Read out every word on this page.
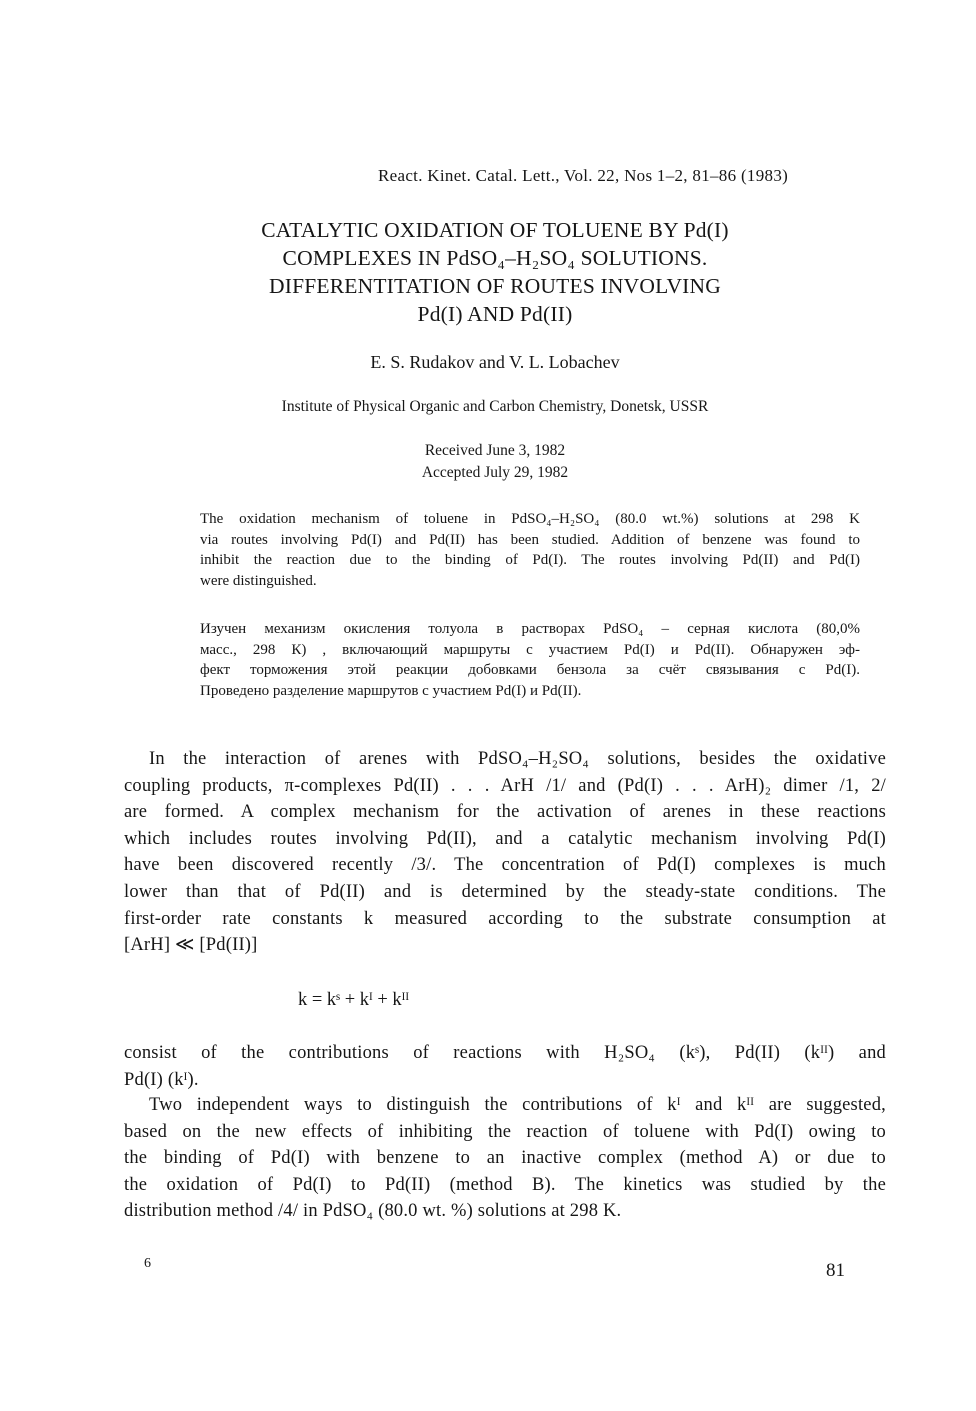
React. Kinet. Catal. Lett., Vol. 22, Nos 1–2, 81–86 (1983)
CATALYTIC OXIDATION OF TOLUENE BY Pd(I)
COMPLEXES IN PdSO₄–H₂SO₄ SOLUTIONS.
DIFFERENTITATION OF ROUTES INVOLVING
Pd(I) AND Pd(II)
E. S. Rudakov and V. L. Lobachev
Institute of Physical Organic and Carbon Chemistry, Donetsk, USSR
Received June 3, 1982
Accepted July 29, 1982
The oxidation mechanism of toluene in PdSO₄–H₂SO₄ (80.0 wt.%) solutions at 298 K
via routes involving Pd(I) and Pd(II) has been studied. Addition of benzene was found to
inhibit the reaction due to the binding of Pd(I). The routes involving Pd(II) and Pd(I)
were distinguished.
Изучен механизм окисления толуола в растворах PdSO₄ – серная кислота (80,0%
масс., 298 К) , включающий маршруты с участием Pd(I) и Pd(II). Обнаружен эф-
фект торможения этой реакции добовками бензола за счёт связывания с Pd(I).
Проведено разделение маршрутов с участием Pd(I) и Pd(II).
In the interaction of arenes with PdSO₄–H₂SO₄ solutions, besides the oxidative
coupling products, π-complexes Pd(II) . . . ArH /1/ and (Pd(I) . . . ArH)₂ dimer /1, 2/
are formed. A complex mechanism for the activation of arenes in these reactions
which includes routes involving Pd(II), and a catalytic mechanism involving Pd(I)
have been discovered recently /3/. The concentration of Pd(I) complexes is much
lower than that of Pd(II) and is determined by the steady-state conditions. The
first-order rate constants k measured according to the substrate consumption at
[ArH] ≪ [Pd(II)]
k = kˢ + kᴵ + kᴵᴵ
consist of the contributions of reactions with H₂SO₄ (kˢ), Pd(II) (kᴵᴵ) and
Pd(I) (kᴵ).
Two independent ways to distinguish the contributions of kᴵ and kᴵᴵ are suggested,
based on the new effects of inhibiting the reaction of toluene with Pd(I) owing to
the binding of Pd(I) with benzene to an inactive complex (method A) or due to
the oxidation of Pd(I) to Pd(II) (method B). The kinetics was studied by the
distribution method /4/ in PdSO₄ (80.0 wt. %) solutions at 298 K.
6	81
